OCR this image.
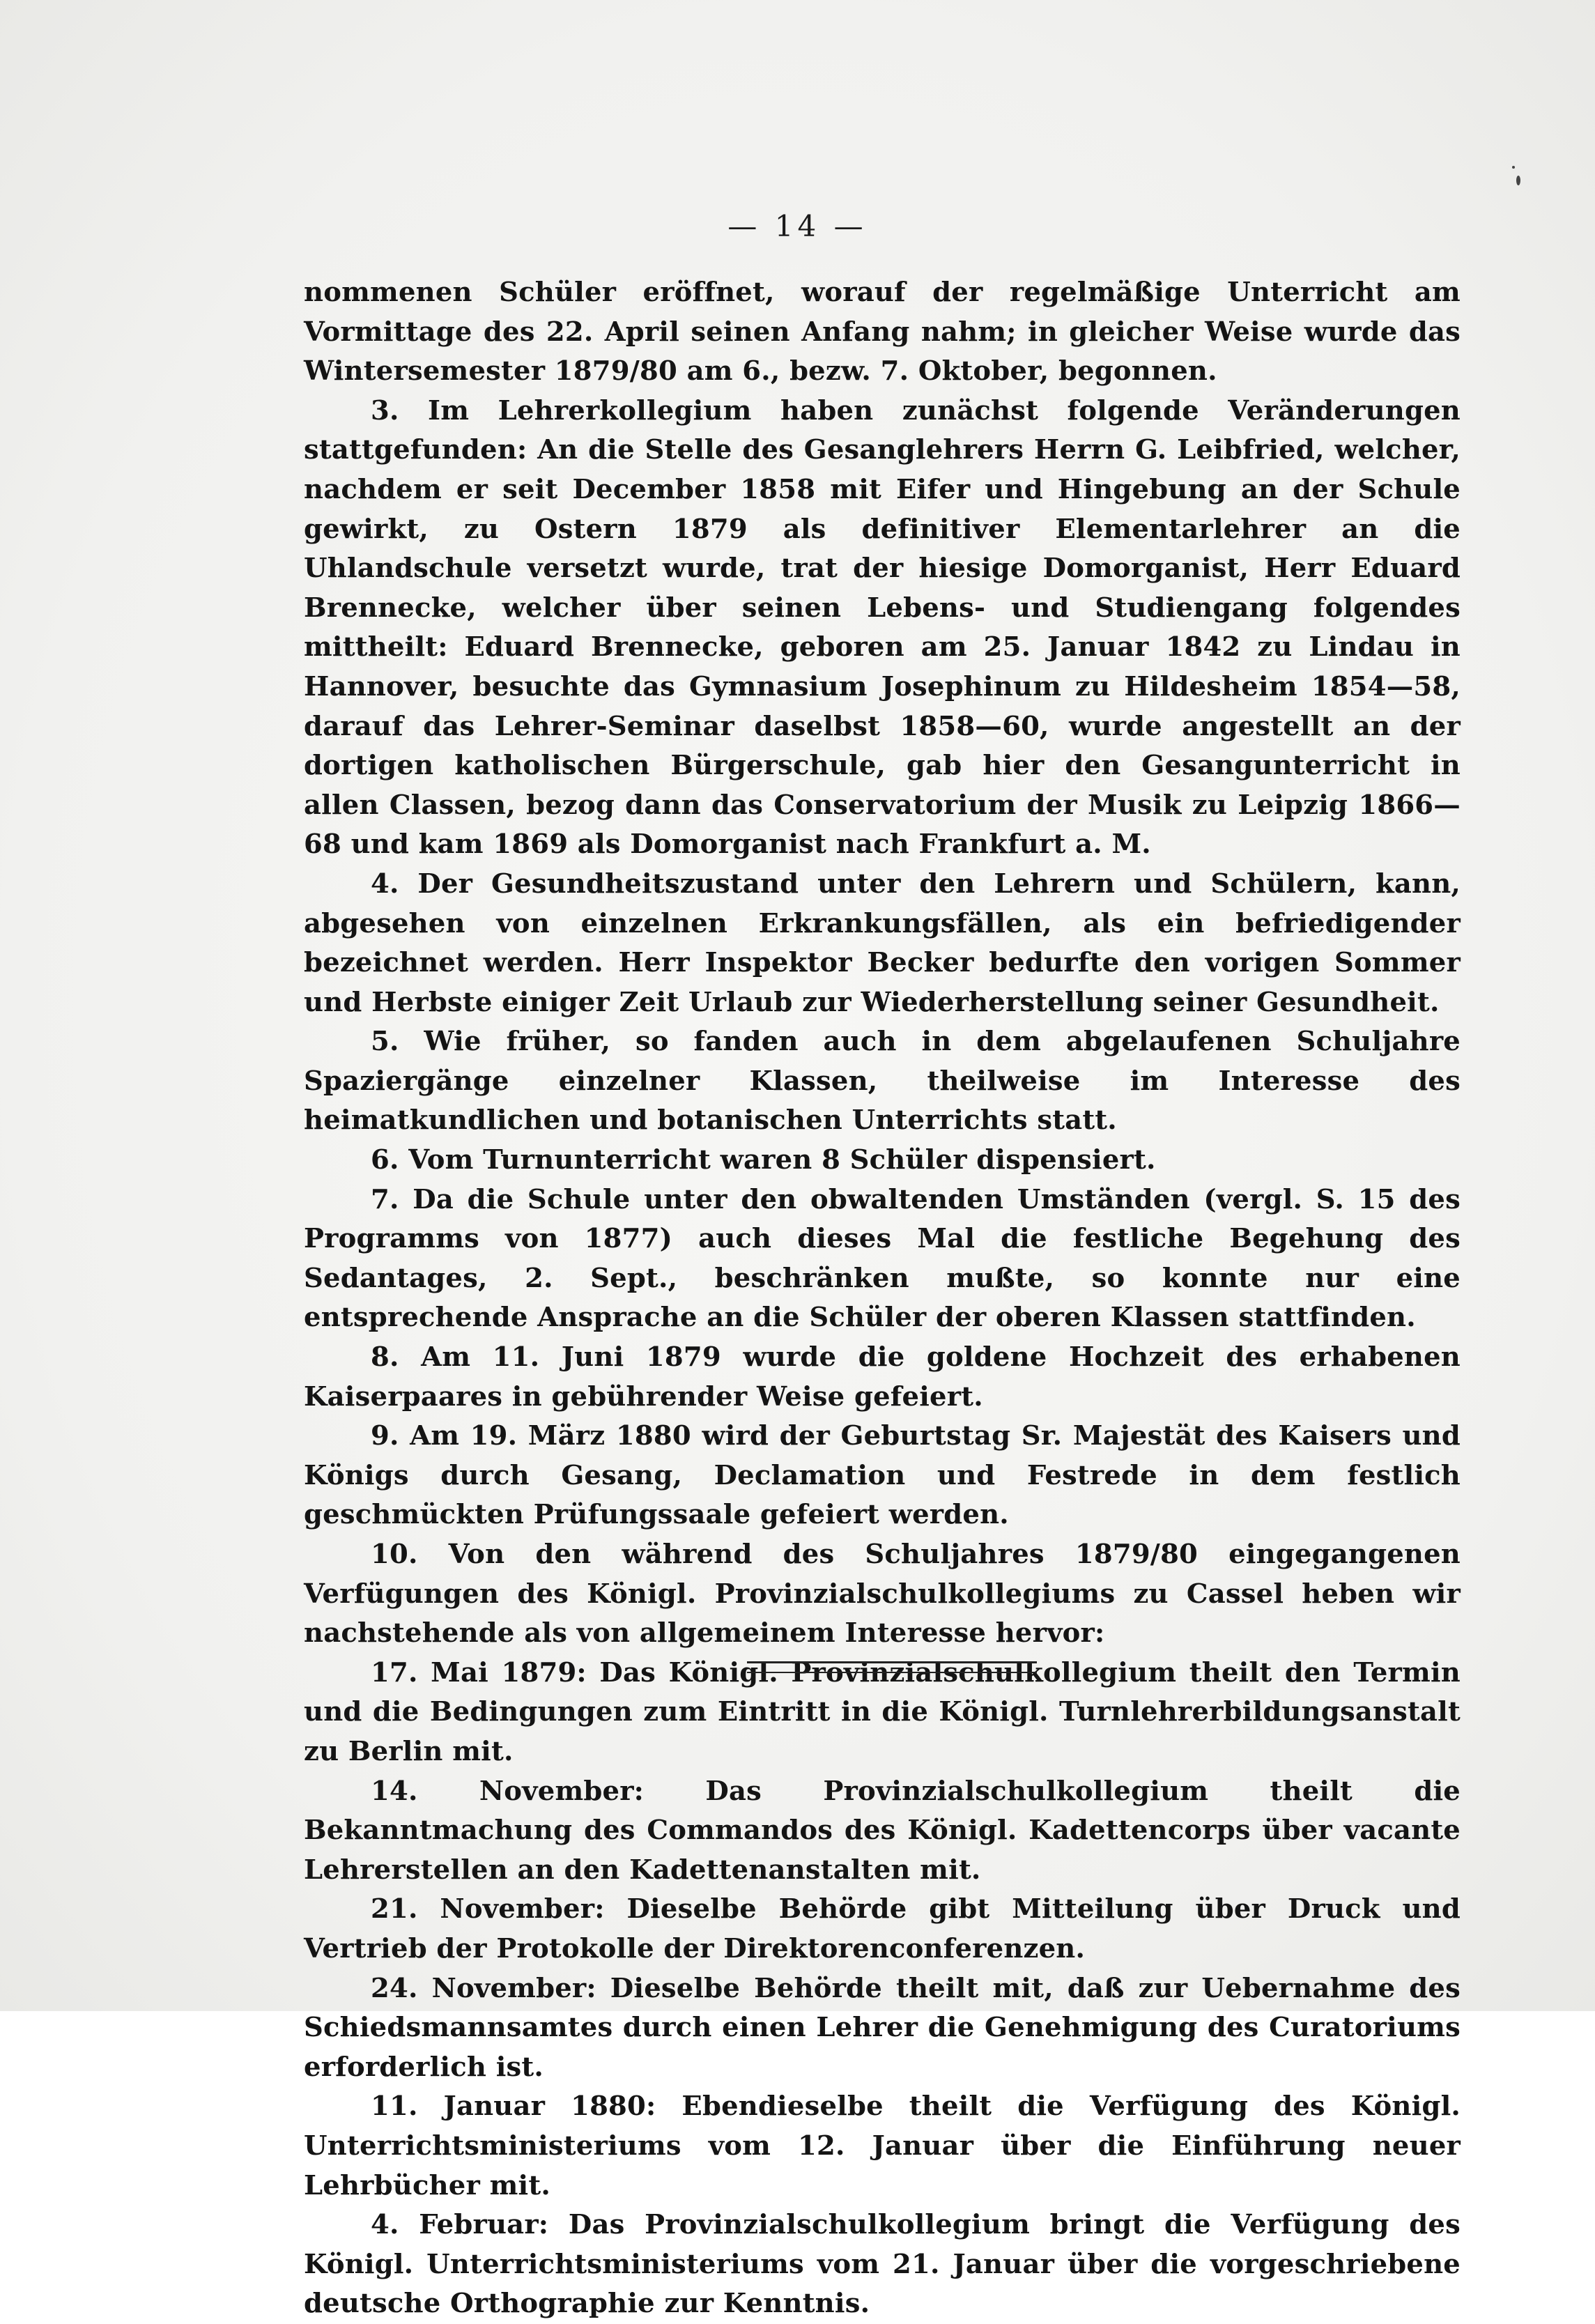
— 14 —

nommenen Schüler eröffnet, worauf der regelmäßige Unterricht am Vormittage des 22. April seinen Anfang nahm; in gleicher Weise wurde das Wintersemester 1879/80 am 6., bezw. 7. Oktober, begonnen.

3. Im Lehrerkollegium haben zunächst folgende Veränderungen stattgefunden: An die Stelle des Gesanglehrers Herrn G. Leibfried, welcher, nachdem er seit December 1858 mit Eifer und Hingebung an der Schule gewirkt, zu Ostern 1879 als definitiver Elementarlehrer an die Uhlandschule versetzt wurde, trat der hiesige Domorganist, Herr Eduard Brennecke, welcher über seinen Lebens- und Studiengang folgendes mittheilt: Eduard Brennecke, geboren am 25. Januar 1842 zu Lindau in Hannover, besuchte das Gymnasium Josephinum zu Hildesheim 1854—58, darauf das Lehrer-Seminar daselbst 1858—60, wurde angestellt an der dortigen katholischen Bürgerschule, gab hier den Gesangunterricht in allen Classen, bezog dann das Conservatorium der Musik zu Leipzig 1866—68 und kam 1869 als Domorganist nach Frankfurt a. M.

4. Der Gesundheitszustand unter den Lehrern und Schülern, kann, abgesehen von einzelnen Erkrankungsfällen, als ein befriedigender bezeichnet werden. Herr Inspektor Becker bedurfte den vorigen Sommer und Herbste einiger Zeit Urlaub zur Wiederherstellung seiner Gesundheit.

5. Wie früher, so fanden auch in dem abgelaufenen Schuljahre Spaziergänge einzelner Klassen, theilweise im Interesse des heimatkundlichen und botanischen Unterrichts statt.

6. Vom Turnunterricht waren 8 Schüler dispensiert.

7. Da die Schule unter den obwaltenden Umständen (vergl. S. 15 des Programms von 1877) auch dieses Mal die festliche Begehung des Sedantages, 2. Sept., beschränken mußte, so konnte nur eine entsprechende Ansprache an die Schüler der oberen Klassen stattfinden.

8. Am 11. Juni 1879 wurde die goldene Hochzeit des erhabenen Kaiserpaares in gebührender Weise gefeiert.

9. Am 19. März 1880 wird der Geburtstag Sr. Majestät des Kaisers und Königs durch Gesang, Declamation und Festrede in dem festlich geschmückten Prüfungssaale gefeiert werden.

10. Von den während des Schuljahres 1879/80 eingegangenen Verfügungen des Königl. Provinzialschulkollegiums zu Cassel heben wir nachstehende als von allgemeinem Interesse hervor:

17. Mai 1879: Das Königl. Provinzialschulkollegium theilt den Termin und die Bedingungen zum Eintritt in die Königl. Turnlehrerbildungsanstalt zu Berlin mit.

14. November: Das Provinzialschulkollegium theilt die Bekanntmachung des Commandos des Königl. Kadettencorps über vacante Lehrerstellen an den Kadettenanstalten mit.

21. November: Dieselbe Behörde gibt Mitteilung über Druck und Vertrieb der Protokolle der Direktorenconferenzen.

24. November: Dieselbe Behörde theilt mit, daß zur Uebernahme des Schiedsmannsamtes durch einen Lehrer die Genehmigung des Curatoriums erforderlich ist.

11. Januar 1880: Ebendieselbe theilt die Verfügung des Königl. Unterrichtsministeriums vom 12. Januar über die Einführung neuer Lehrbücher mit.

4. Februar: Das Provinzialschulkollegium bringt die Verfügung des Königl. Unterrichtsministeriums vom 21. Januar über die vorgeschriebene deutsche Orthographie zur Kenntnis.
